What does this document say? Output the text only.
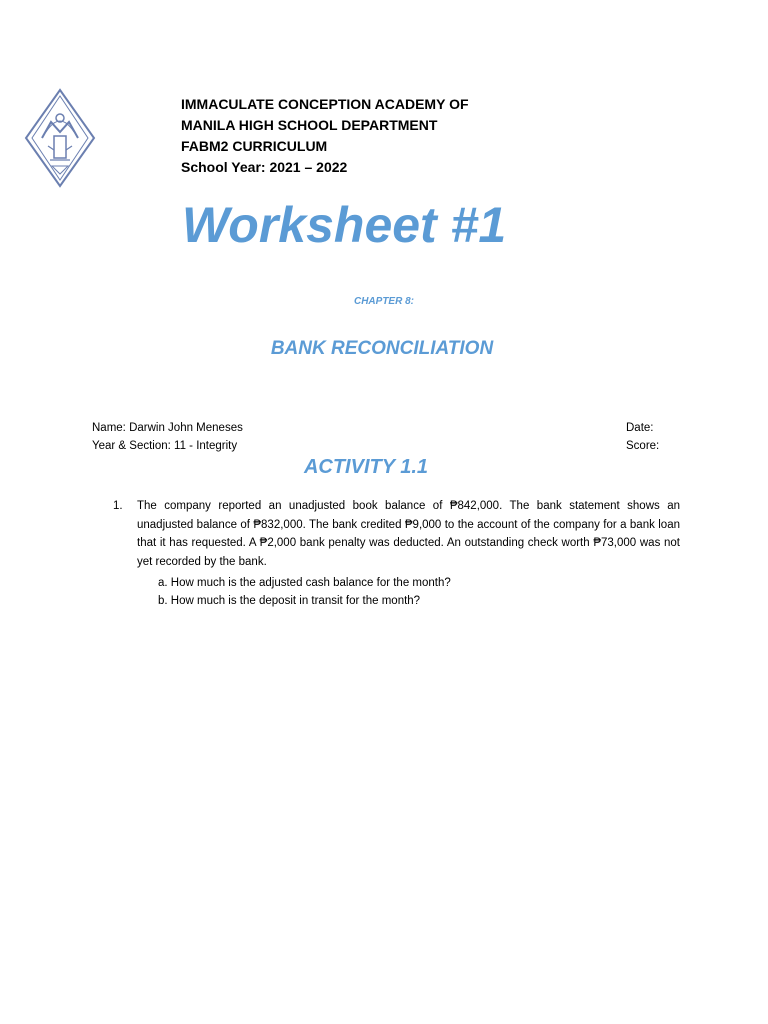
IMMACULATE CONCEPTION ACADEMY OF
MANILA HIGH SCHOOL DEPARTMENT
FABM2 CURRICULUM
School Year: 2021 – 2022
Worksheet #1
CHAPTER 8:
BANK RECONCILIATION
Name: Darwin John Meneses
Year & Section: 11 - Integrity
Date:
Score:
ACTIVITY 1.1
1. The company reported an unadjusted book balance of ₱842,000. The bank statement shows an unadjusted balance of ₱832,000. The bank credited ₱9,000 to the account of the company for a bank loan that it has requested. A ₱2,000 bank penalty was deducted. An outstanding check worth ₱73,000 was not yet recorded by the bank.
a. How much is the adjusted cash balance for the month?
b. How much is the deposit in transit for the month?
